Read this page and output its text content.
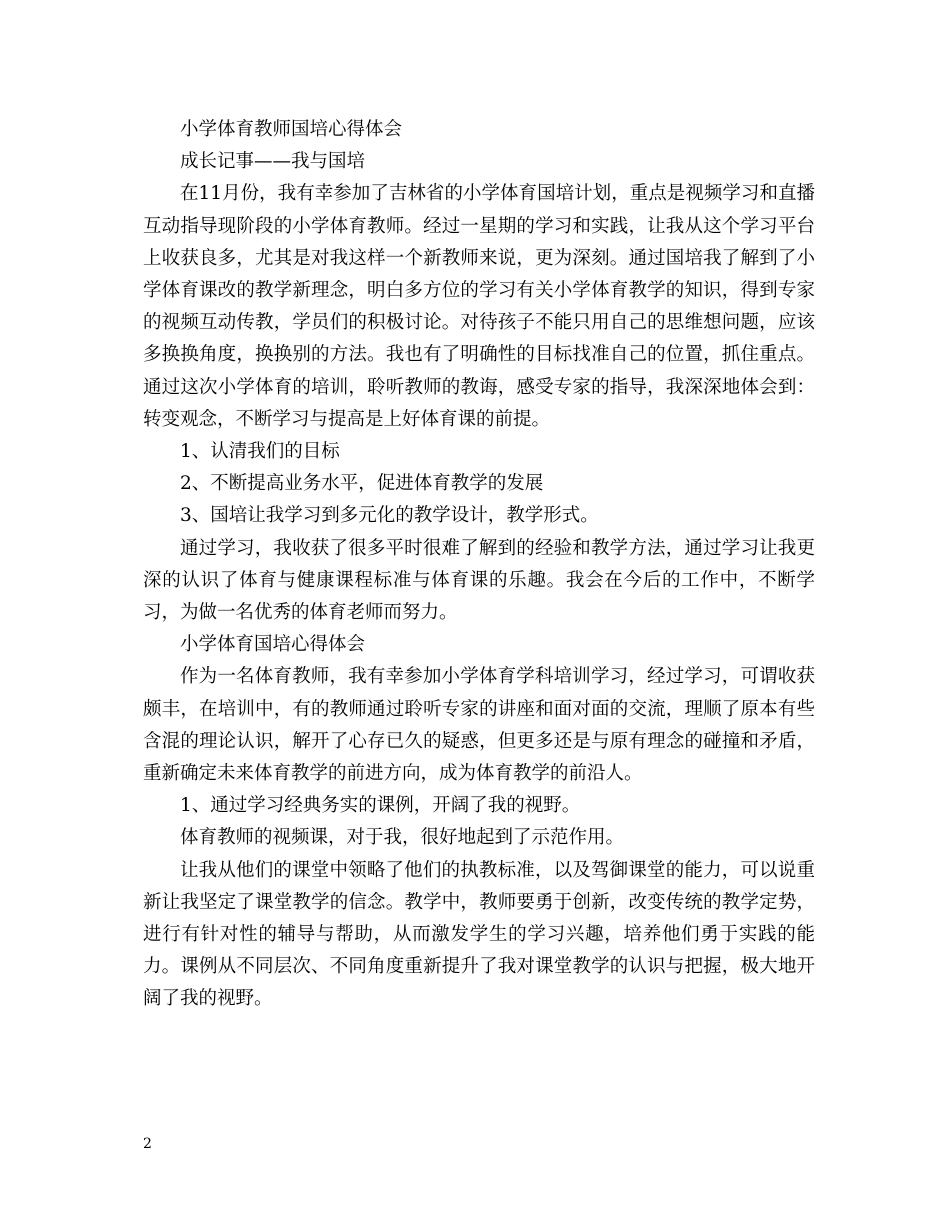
小学体育教师国培心得体会

成长记事——我与国培

在11月份，我有幸参加了吉林省的小学体育国培计划，重点是视频学习和直播互动指导现阶段的小学体育教师。经过一星期的学习和实践，让我从这个学习平台上收获良多，尤其是对我这样一个新教师来说，更为深刻。通过国培我了解到了小学体育课改的教学新理念，明白多方位的学习有关小学体育教学的知识，得到专家的视频互动传教，学员们的积极讨论。对待孩子不能只用自己的思维想问题，应该多换换角度，换换别的方法。我也有了明确性的目标找准自己的位置，抓住重点。通过这次小学体育的培训，聆听教师的教诲，感受专家的指导，我深深地体会到：转变观念，不断学习与提高是上好体育课的前提。

1、认清我们的目标

2、不断提高业务水平，促进体育教学的发展

3、国培让我学习到多元化的教学设计，教学形式。

通过学习，我收获了很多平时很难了解到的经验和教学方法，通过学习让我更深的认识了体育与健康课程标准与体育课的乐趣。我会在今后的工作中，不断学习，为做一名优秀的体育老师而努力。

小学体育国培心得体会

作为一名体育教师，我有幸参加小学体育学科培训学习，经过学习，可谓收获颇丰，在培训中，有的教师通过聆听专家的讲座和面对面的交流，理顺了原本有些含混的理论认识，解开了心存已久的疑惑，但更多还是与原有理念的碰撞和矛盾，重新确定未来体育教学的前进方向，成为体育教学的前沿人。

1、通过学习经典务实的课例，开阔了我的视野。

体育教师的视频课，对于我，很好地起到了示范作用。

让我从他们的课堂中领略了他们的执教标准，以及驾御课堂的能力，可以说重新让我坚定了课堂教学的信念。教学中，教师要勇于创新，改变传统的教学定势，进行有针对性的辅导与帮助，从而激发学生的学习兴趣，培养他们勇于实践的能力。课例从不同层次、不同角度重新提升了我对课堂教学的认识与把握，极大地开阔了我的视野。

2
